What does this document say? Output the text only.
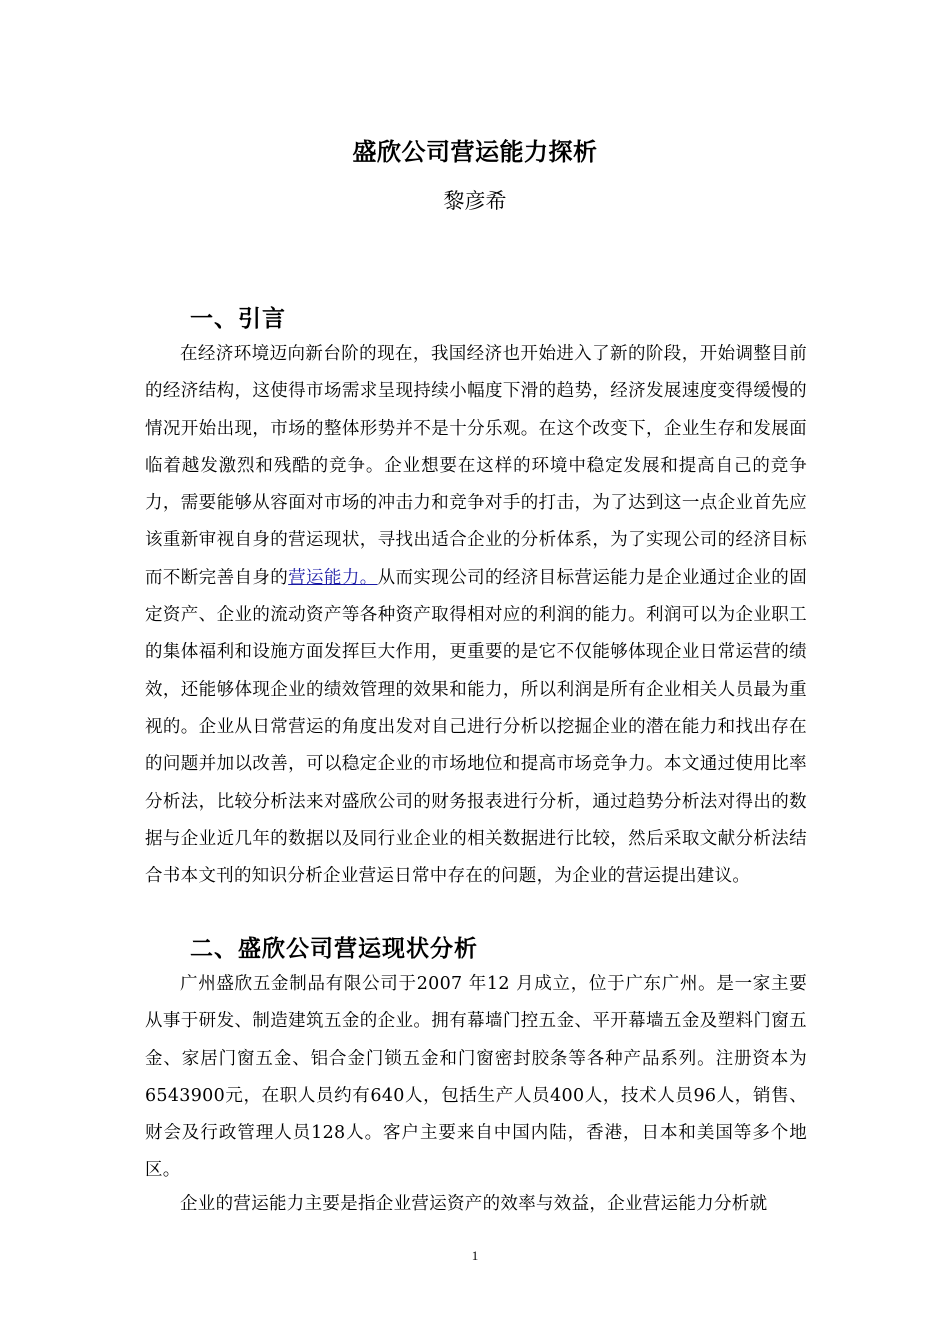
盛欣公司营运能力探析
黎彦希
一、引言
在经济环境迈向新台阶的现在，我国经济也开始进入了新的阶段，开始调整目前的经济结构，这使得市场需求呈现持续小幅度下滑的趋势，经济发展速度变得缓慢的情况开始出现，市场的整体形势并不是十分乐观。在这个改变下，企业生存和发展面临着越发激烈和残酷的竞争。企业想要在这样的环境中稳定发展和提高自己的竞争力，需要能够从容面对市场的冲击力和竞争对手的打击，为了达到这一点企业首先应该重新审视自身的营运现状，寻找出适合企业的分析体系，为了实现公司的经济目标而不断完善自身的营运能力。从而实现公司的经济目标营运能力是企业通过企业的固定资产、企业的流动资产等各种资产取得相对应的利润的能力。利润可以为企业职工的集体福利和设施方面发挥巨大作用，更重要的是它不仅能够体现企业日常运营的绩效，还能够体现企业的绩效管理的效果和能力，所以利润是所有企业相关人员最为重视的。企业从日常营运的角度出发对自己进行分析以挖掘企业的潜在能力和找出存在的问题并加以改善，可以稳定企业的市场地位和提高市场竞争力。本文通过使用比率分析法，比较分析法来对盛欣公司的财务报表进行分析，通过趋势分析法对得出的数据与企业近几年的数据以及同行业企业的相关数据进行比较，然后采取文献分析法结合书本文刊的知识分析企业营运日常中存在的问题，为企业的营运提出建议。
二、盛欣公司营运现状分析
广州盛欣五金制品有限公司于2007 年12 月成立，位于广东广州。是一家主要从事于研发、制造建筑五金的企业。拥有幕墙门控五金、平开幕墙五金及塑料门窗五金、家居门窗五金、铝合金门锁五金和门窗密封胶条等各种产品系列。注册资本为6543900元，在职人员约有640人，包括生产人员400人，技术人员96人，销售、财会及行政管理人员128人。客户主要来自中国内陆，香港，日本和美国等多个地区。
企业的营运能力主要是指企业营运资产的效率与效益，企业营运能力分析就
1
